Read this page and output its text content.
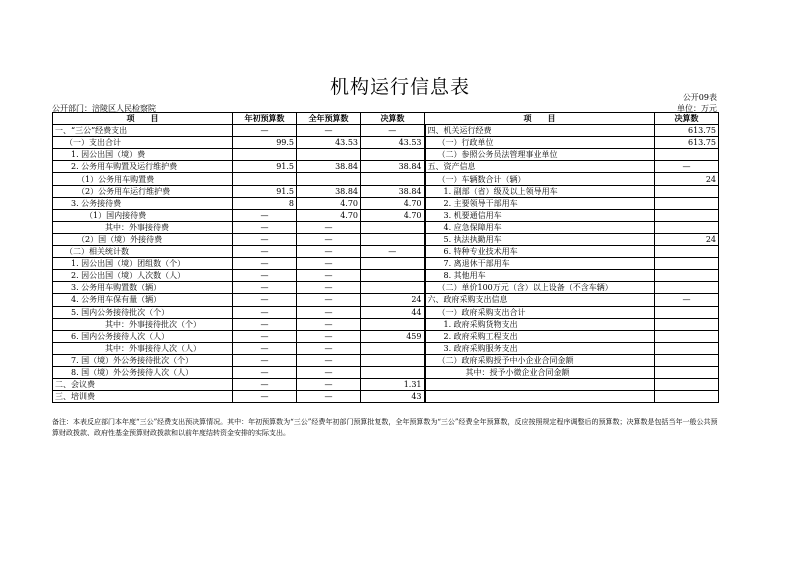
机构运行信息表	公开09表
公开部门：涪陵区人民检察院	单位：万元
项　　目	年初预算数	全年预算数	决算数	项　　目	决算数
一、“三公”经费支出	—	—	—	四、机关运行经费	613.75
（一）支出合计	99.5	43.53	43.53	（一）行政单位	613.75
1. 因公出国（境）费				（二）参照公务员法管理事业单位	
2. 公务用车购置及运行维护费	91.5	38.84	38.84	五、资产信息	—
（1）公务用车购置费				（一）车辆数合计（辆）	24
（2）公务用车运行维护费	91.5	38.84	38.84	1. 副部（省）级及以上领导用车	
3. 公务接待费	8	4.70	4.70	2. 主要领导干部用车	
（1）国内接待费	—	4.70	4.70	3. 机要通信用车	
其中：外事接待费	—	—		4. 应急保障用车	
（2）国（境）外接待费	—	—		5. 执法执勤用车	24
（二）相关统计数	—	—	—	6. 特种专业技术用车	
1. 因公出国（境）团组数（个）	—	—		7. 离退休干部用车	
2. 因公出国（境）人次数（人）	—	—		8. 其他用车	
3. 公务用车购置数（辆）	—	—		（二）单价100万元（含）以上设备（不含车辆）	
4. 公务用车保有量（辆）	—	—	24	六、政府采购支出信息	—
5. 国内公务接待批次（个）	—	—	44	（一）政府采购支出合计	
其中：外事接待批次（个）	—	—		1. 政府采购货物支出	
6. 国内公务接待人次（人）	—	—	459	2. 政府采购工程支出	
其中：外事接待人次（人）	—	—		3. 政府采购服务支出	
7. 国（境）外公务接待批次（个）	—	—		（二）政府采购授予中小企业合同金额	
8. 国（境）外公务接待人次（人）	—	—		其中：授予小微企业合同金额	
二、会议费	—	—	1.31		
三、培训费	—	—	43		
备注：本表反应部门本年度“三公”经费支出预决算情况。其中：年初预算数为“三公”经费年初部门预算批复数，全年预算数为“三公”经费全年预算数，反应按照规定程序调整后的预算数；决算数是包括当年一般公共预算财政拨款、政府性基金预算财政拨款和以前年度结转资金安排的实际支出。
